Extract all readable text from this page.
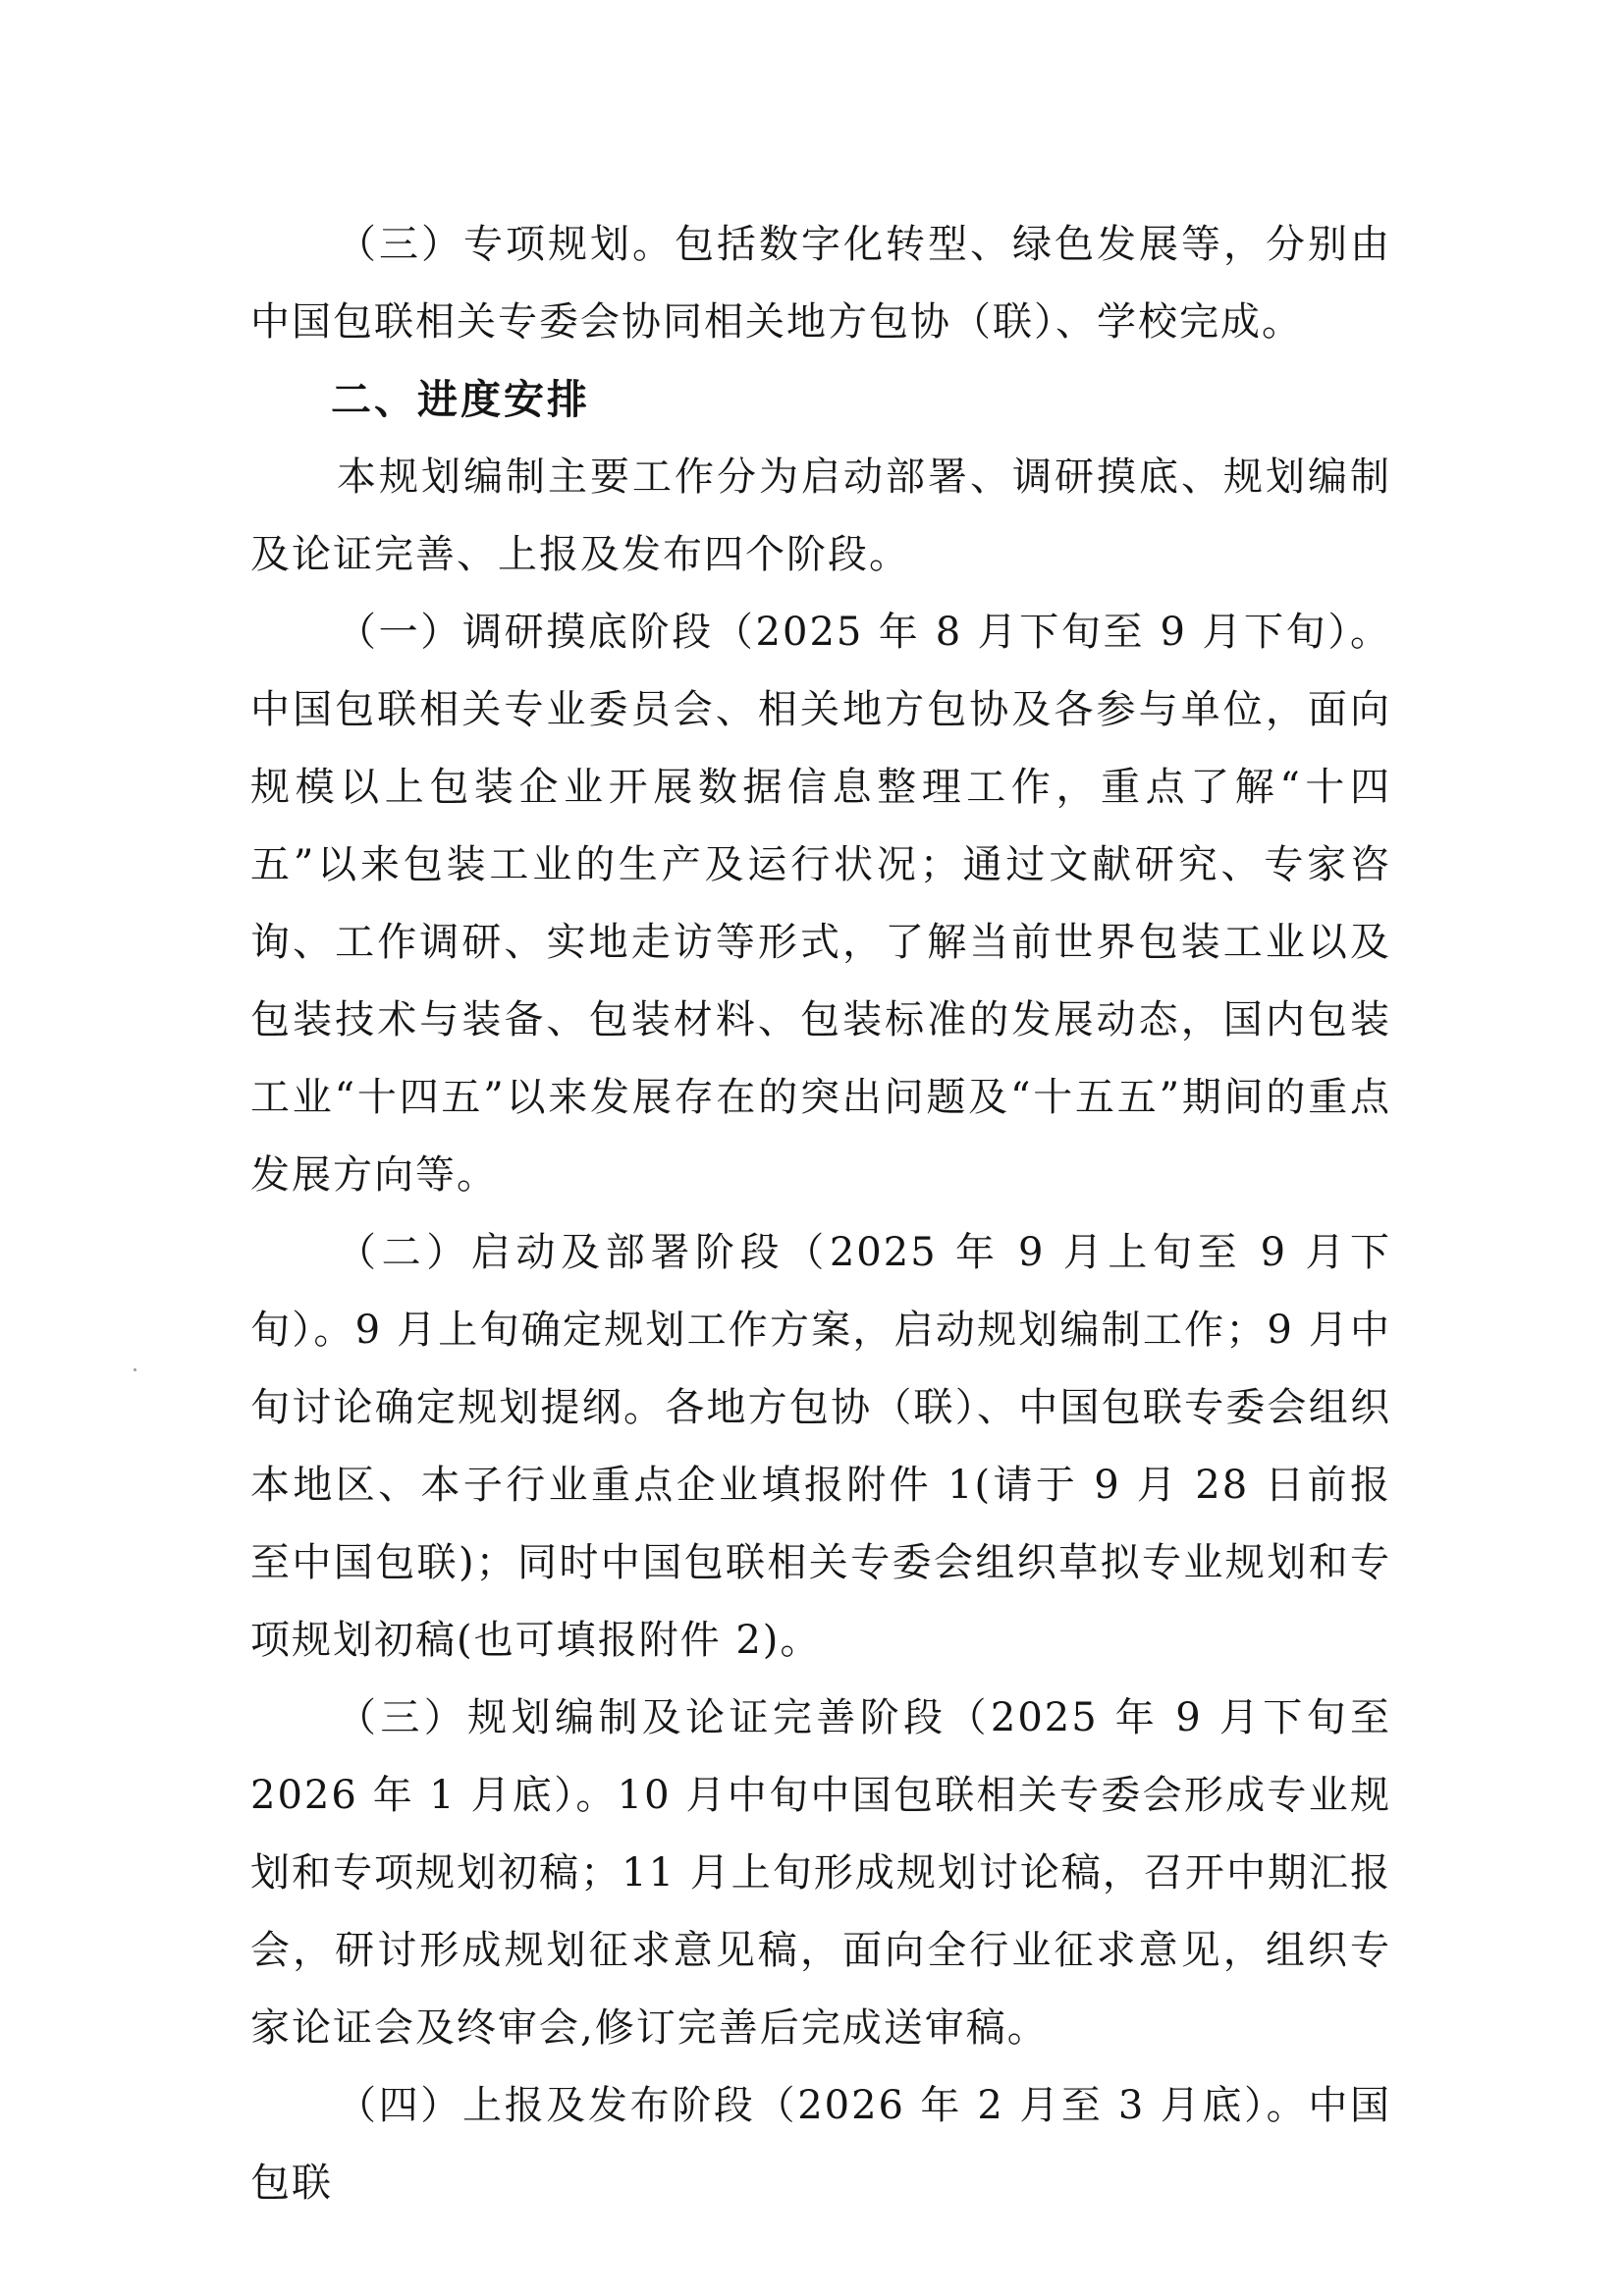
（三）专项规划。包括数字化转型、绿色发展等，分别由中国包联相关专委会协同相关地方包协（联）、学校完成。

二、进度安排

本规划编制主要工作分为启动部署、调研摸底、规划编制及论证完善、上报及发布四个阶段。

（一）调研摸底阶段（2025 年 8 月下旬至 9 月下旬）。中国包联相关专业委员会、相关地方包协及各参与单位，面向规模以上包装企业开展数据信息整理工作，重点了解“十四五”以来包装工业的生产及运行状况；通过文献研究、专家咨询、工作调研、实地走访等形式，了解当前世界包装工业以及包装技术与装备、包装材料、包装标准的发展动态，国内包装工业“十四五”以来发展存在的突出问题及“十五五”期间的重点发展方向等。

（二）启动及部署阶段（2025 年 9 月上旬至 9 月下旬）。9 月上旬确定规划工作方案，启动规划编制工作；9 月中旬讨论确定规划提纲。各地方包协（联）、中国包联专委会组织本地区、本子行业重点企业填报附件 1(请于 9 月 28 日前报至中国包联)；同时中国包联相关专委会组织草拟专业规划和专项规划初稿(也可填报附件 2)。

（三）规划编制及论证完善阶段（2025 年 9 月下旬至 2026 年 1 月底）。10 月中旬中国包联相关专委会形成专业规划和专项规划初稿；11 月上旬形成规划讨论稿，召开中期汇报会，研讨形成规划征求意见稿，面向全行业征求意见，组织专家论证会及终审会,修订完善后完成送审稿。

（四）上报及发布阶段（2026 年 2 月至 3 月底）。中国包联
